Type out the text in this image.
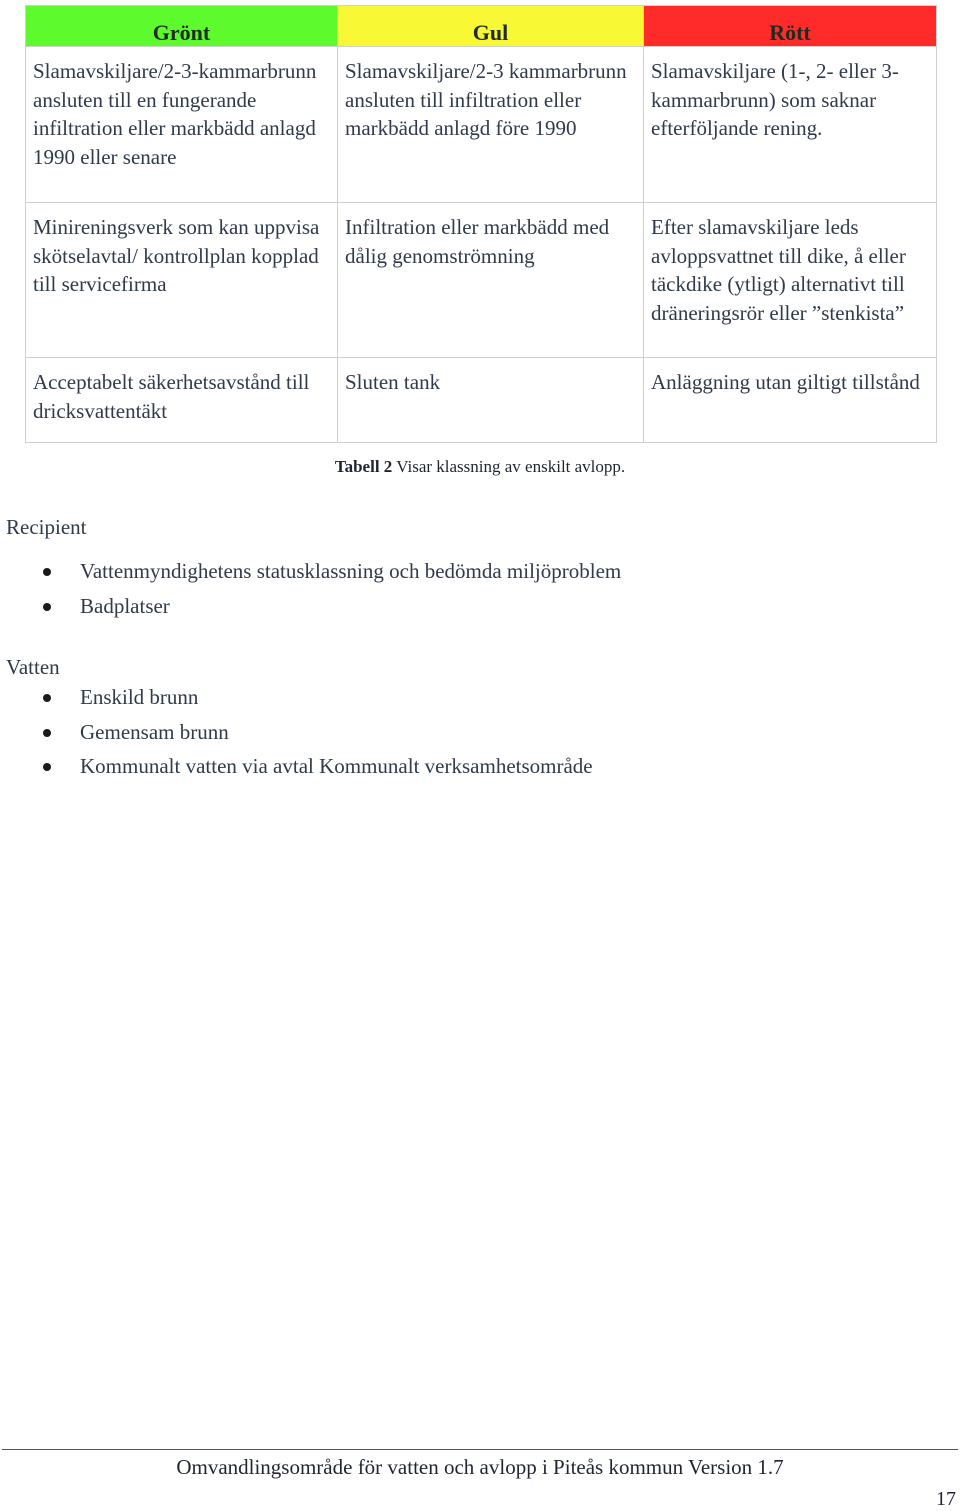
Grönt	Gul	Rött

Slamavskiljare/2-3-kammarbrunn ansluten till en fungerande infiltration eller markbädd anlagd 1990 eller senare	Slamavskiljare/2-3 kammarbrunn ansluten till infiltration eller markbädd anlagd före 1990	Slamavskiljare (1-, 2- eller 3-kammarbrunn) som saknar efterföljande rening.
Minireningsverk som kan uppvisa skötselavtal/ kontrollplan kopplad till servicefirma	Infiltration eller markbädd med dålig genomströmning	Efter slamavskiljare leds avloppsvattnet till dike, å eller täckdike (ytligt) alternativt till dräneringsrör eller ”stenkista”
Acceptabelt säkerhetsavstånd till dricksvattentäkt	Sluten tank	Anläggning utan giltigt tillstånd
Tabell 2 Visar klassning av enskilt avlopp.
Recipient
Vattenmyndighetens statusklassning och bedömda miljöproblem
Badplatser
Vatten
Enskild brunn
Gemensam brunn
Kommunalt vatten via avtal Kommunalt verksamhetsområde
Omvandlingsområde för vatten och avlopp i Piteås kommun Version 1.7
17
